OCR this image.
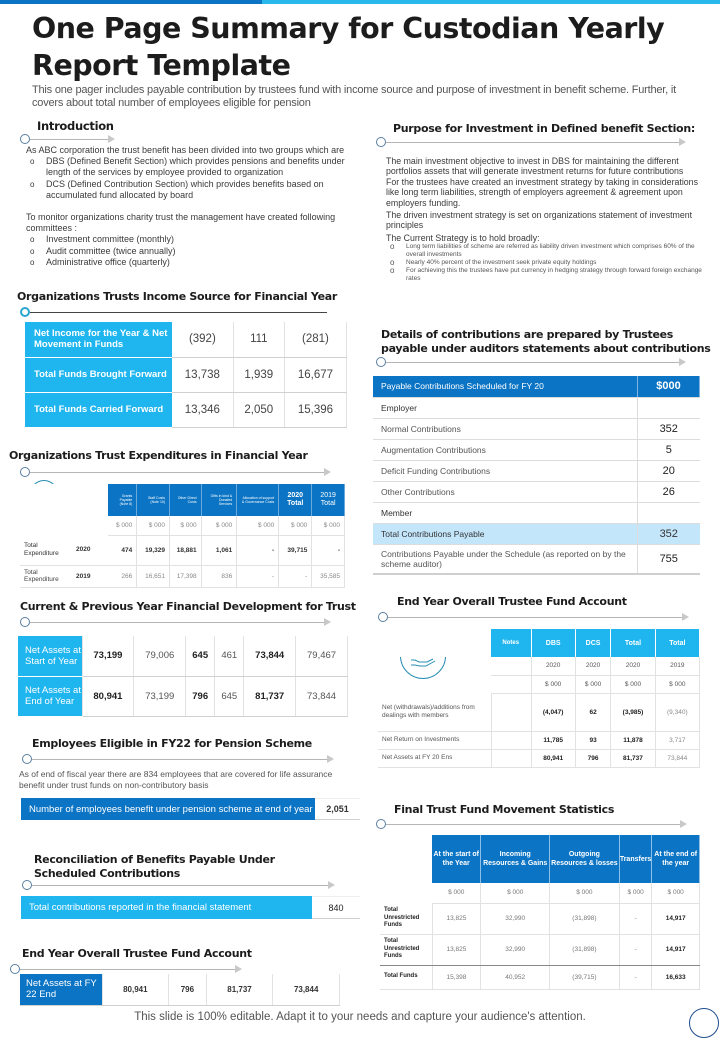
One Page Summary for Custodian Yearly Report Template
This one pager includes payable contribution by trustees fund with income source and purpose of investment in benefit scheme. Further, it covers about total number of employees eligible for pension
Introduction

As ABC corporation the trust benefit has been divided into two groups which are

o DBS (Defined Benefit Section) which provides pensions and benefits under length of the services by employee provided to organization
o DCS (Defined Contribution Section) which provides benefits based on accumulated fund allocated by board

To monitor organizations charity trust the management have created following committees :

o Investment committee (monthly)
o Audit committee (twice annually)
o Administrative office (quarterly)
Purpose for Investment in Defined benefit Section:

The main investment objective to invest in DBS for maintaining the different portfolios assets that will generate investment returns for future contributions

For the trustees have created an investment strategy by taking in considerations like long term liabilities, strength of employers agreement & agreement upon employers funding.

The driven investment strategy is set on organizations statement of investment principles

The Current Strategy is to hold broadly:

o Long term liabilities of scheme are referred as liability driven investment which comprises 60% of the overall investments
o Nearly 40% percent of the investment seek private equity holdings
o For achieving this the trustees have put currency in hedging strategy through forward foreign exchange rates
Organizations Trusts Income Source for Financial Year
Net Income for the Year & Net Movement in Funds	(392)	111	(281)
Total Funds Brought Forward	13,738	1,939	16,677
Total Funds Carried Forward	13,346	2,050	15,396
Organizations Trust Expenditures in Financial Year
		Grants Payable (Note 8)	Staff Costs (Note 10)	Other Direct Costs	Gifts in kind & Donated Services	Allocation of support & Governance Costs	2020 Total	2019 Total
		$ 000	$ 000	$ 000	$ 000	$ 000	$ 000	$ 000
Total Expenditure	2020	474	19,329	18,881	1,061	-	39,715	-
Total Expenditure	2019	266	16,651	17,398	836	-	-	35,585
Current & Previous Year Financial Development for Trust
Net Assets at Start of Year	73,199	79,006	645	461	73,844	79,467
Net Assets at End of Year	80,941	73,199	796	645	81,737	73,844
Employees Eligible in FY22 for Pension Scheme
As of end of fiscal year there are 834 employees that are covered for life assurance benefit under trust funds on non-contributory basis
Number of employees benefit under pension scheme at end of year	2,051
Reconciliation of Benefits Payable Under Scheduled Contributions
Total contributions reported in the financial statement	840
End Year Overall Trustee Fund Account
Net Assets at FY 22 End	80,941	796	81,737	73,844
Details of contributions are prepared by Trustees payable under auditors statements about contributions
Payable Contributions Scheduled for FY 20	$000
Employer	
Normal Contributions	352
Augmentation Contributions	5
Deficit Funding Contributions	20
Other Contributions	26
Member	
Total Contributions Payable	352
Contributions Payable under the Schedule (as reported on by the scheme auditor)	755
End Year Overall Trustee Fund Account
	Notes	DBS	DCS	Total	Total
		2020	2020	2020	2019
		$ 000	$ 000	$ 000	$ 000
Net (withdrawals)/additions from dealings with members		(4,047)	62	(3,985)	(9,340)
Net Return on Investments		11,785	93	11,878	3,717
Net Assets at FY 20 Ens		80,941	796	81,737	73,844
Final Trust Fund Movement Statistics
	At the start of the Year	Incoming Resources & Gains	Outgoing Resources & losses	Transfers	At the end of the year
	$ 000	$ 000	$ 000	$ 000	$ 000
Total Unrestricted Funds	13,825	32,990	(31,898)	-	14,917
Total Unrestricted Funds	13,825	32,990	(31,898)	-	14,917
Total Funds	15,398	40,952	(39,715)	-	16,633
This slide is 100% editable. Adapt it to your needs and capture your audience's attention.
